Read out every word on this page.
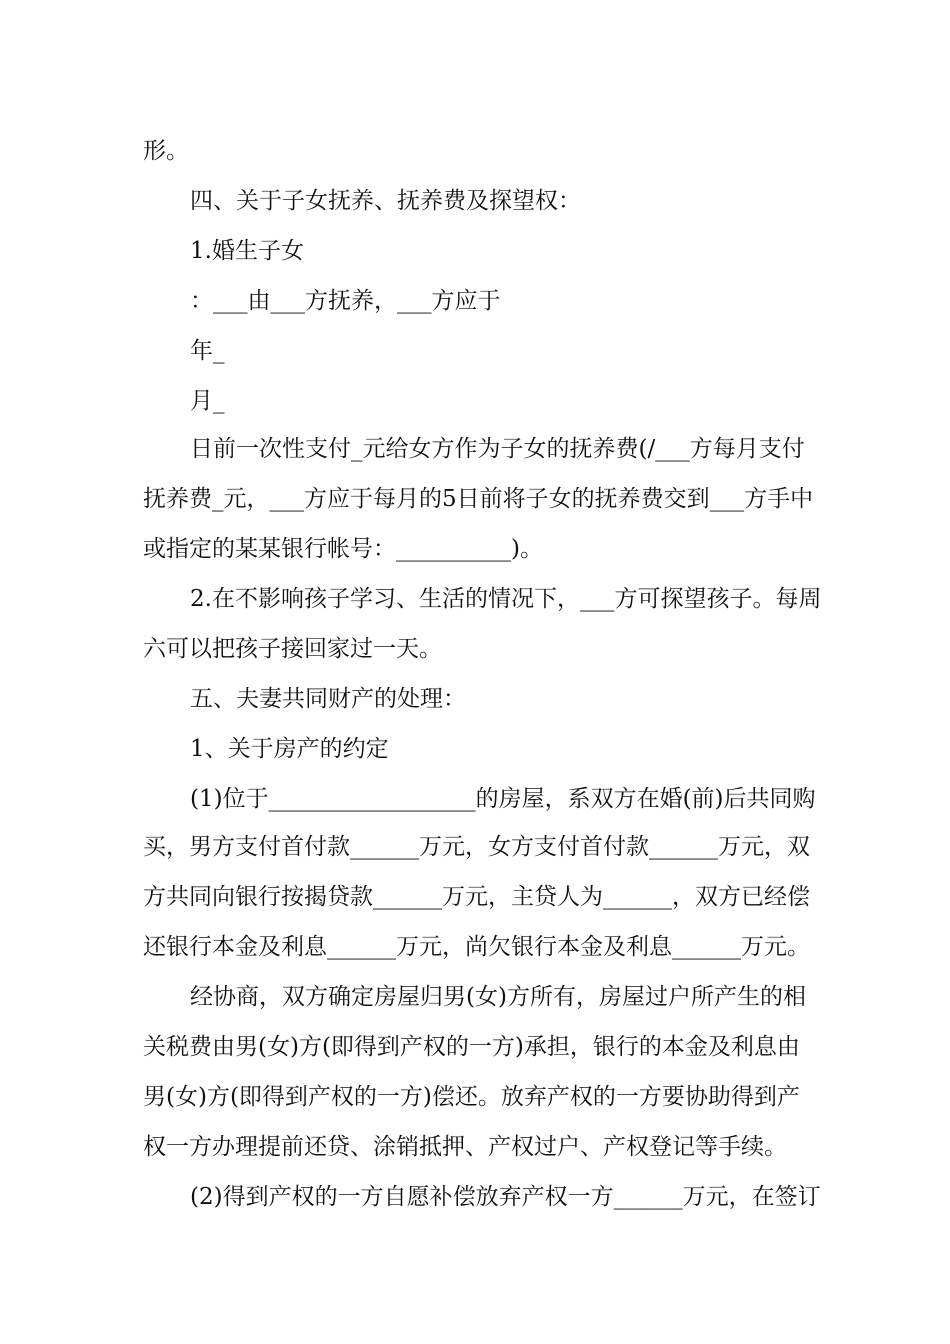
形。

四、关于子女抚养、抚养费及探望权：

1.婚生子女

：___由___方抚养，___方应于

年_

月_

日前一次性支付_元给女方作为子女的抚养费(/___方每月支付

抚养费_元，___方应于每月的5日前将子女的抚养费交到___方手中

或指定的某某银行帐号：__________)。

2.在不影响孩子学习、生活的情况下，___方可探望孩子。每周

六可以把孩子接回家过一天。

五、夫妻共同财产的处理：

1、关于房产的约定

(1)位于__________________的房屋，系双方在婚(前)后共同购

买，男方支付首付款______万元，女方支付首付款______万元，双

方共同向银行按揭贷款______万元，主贷人为______，双方已经偿

还银行本金及利息______万元，尚欠银行本金及利息______万元。

经协商，双方确定房屋归男(女)方所有，房屋过户所产生的相

关税费由男(女)方(即得到产权的一方)承担，银行的本金及利息由

男(女)方(即得到产权的一方)偿还。放弃产权的一方要协助得到产

权一方办理提前还贷、涂销抵押、产权过户、产权登记等手续。

(2)得到产权的一方自愿补偿放弃产权一方______万元，在签订
